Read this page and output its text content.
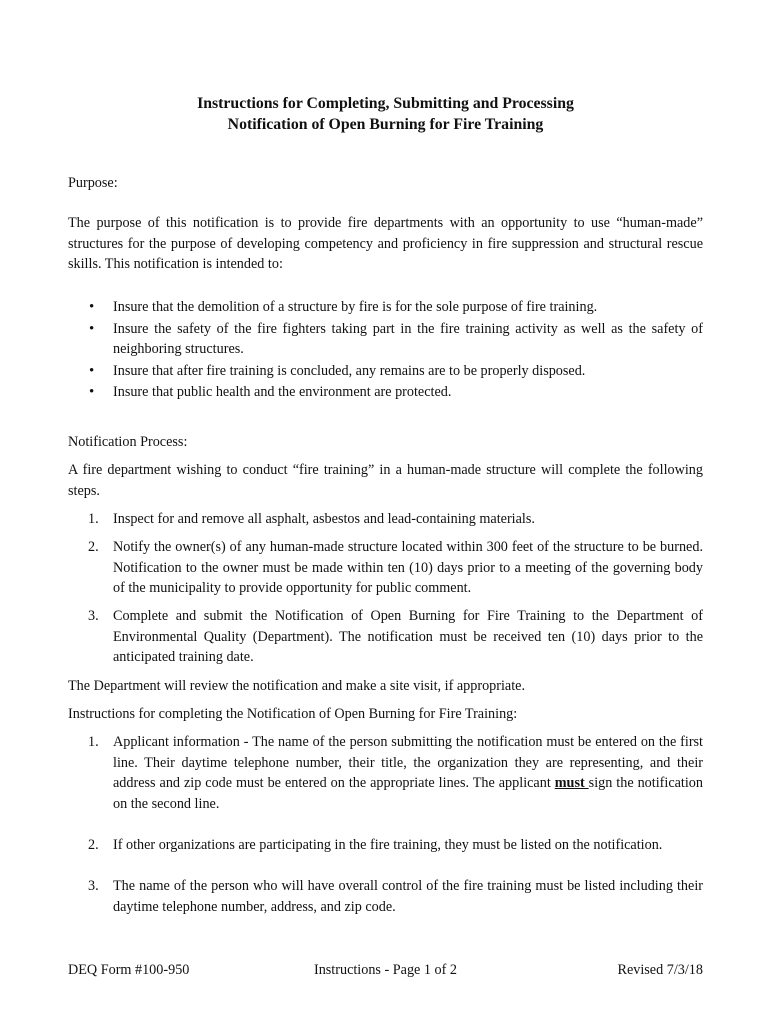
Instructions for Completing, Submitting and Processing
Notification of Open Burning for Fire Training
Purpose:
The purpose of this notification is to provide fire departments with an opportunity to use “human-made” structures for the purpose of developing competency and proficiency in fire suppression and structural rescue skills. This notification is intended to:
• Insure that the demolition of a structure by fire is for the sole purpose of fire training.
• Insure the safety of the fire fighters taking part in the fire training activity as well as the safety of neighboring structures.
• Insure that after fire training is concluded, any remains are to be properly disposed.
• Insure that public health and the environment are protected.
Notification Process:
A fire department wishing to conduct “fire training” in a human-made structure will complete the following steps.
1. Inspect for and remove all asphalt, asbestos and lead-containing materials.
2. Notify the owner(s) of any human-made structure located within 300 feet of the structure to be burned. Notification to the owner must be made within ten (10) days prior to a meeting of the governing body of the municipality to provide opportunity for public comment.
3. Complete and submit the Notification of Open Burning for Fire Training to the Department of Environmental Quality (Department). The notification must be received ten (10) days prior to the anticipated training date.
The Department will review the notification and make a site visit, if appropriate.
Instructions for completing the Notification of Open Burning for Fire Training:
1. Applicant information - The name of the person submitting the notification must be entered on the first line. Their daytime telephone number, their title, the organization they are representing, and their address and zip code must be entered on the appropriate lines. The applicant must sign the notification on the second line.
2. If other organizations are participating in the fire training, they must be listed on the notification.
3. The name of the person who will have overall control of the fire training must be listed including their daytime telephone number, address, and zip code.
DEQ Form #100-950	Instructions - Page 1 of 2	Revised 7/3/18
